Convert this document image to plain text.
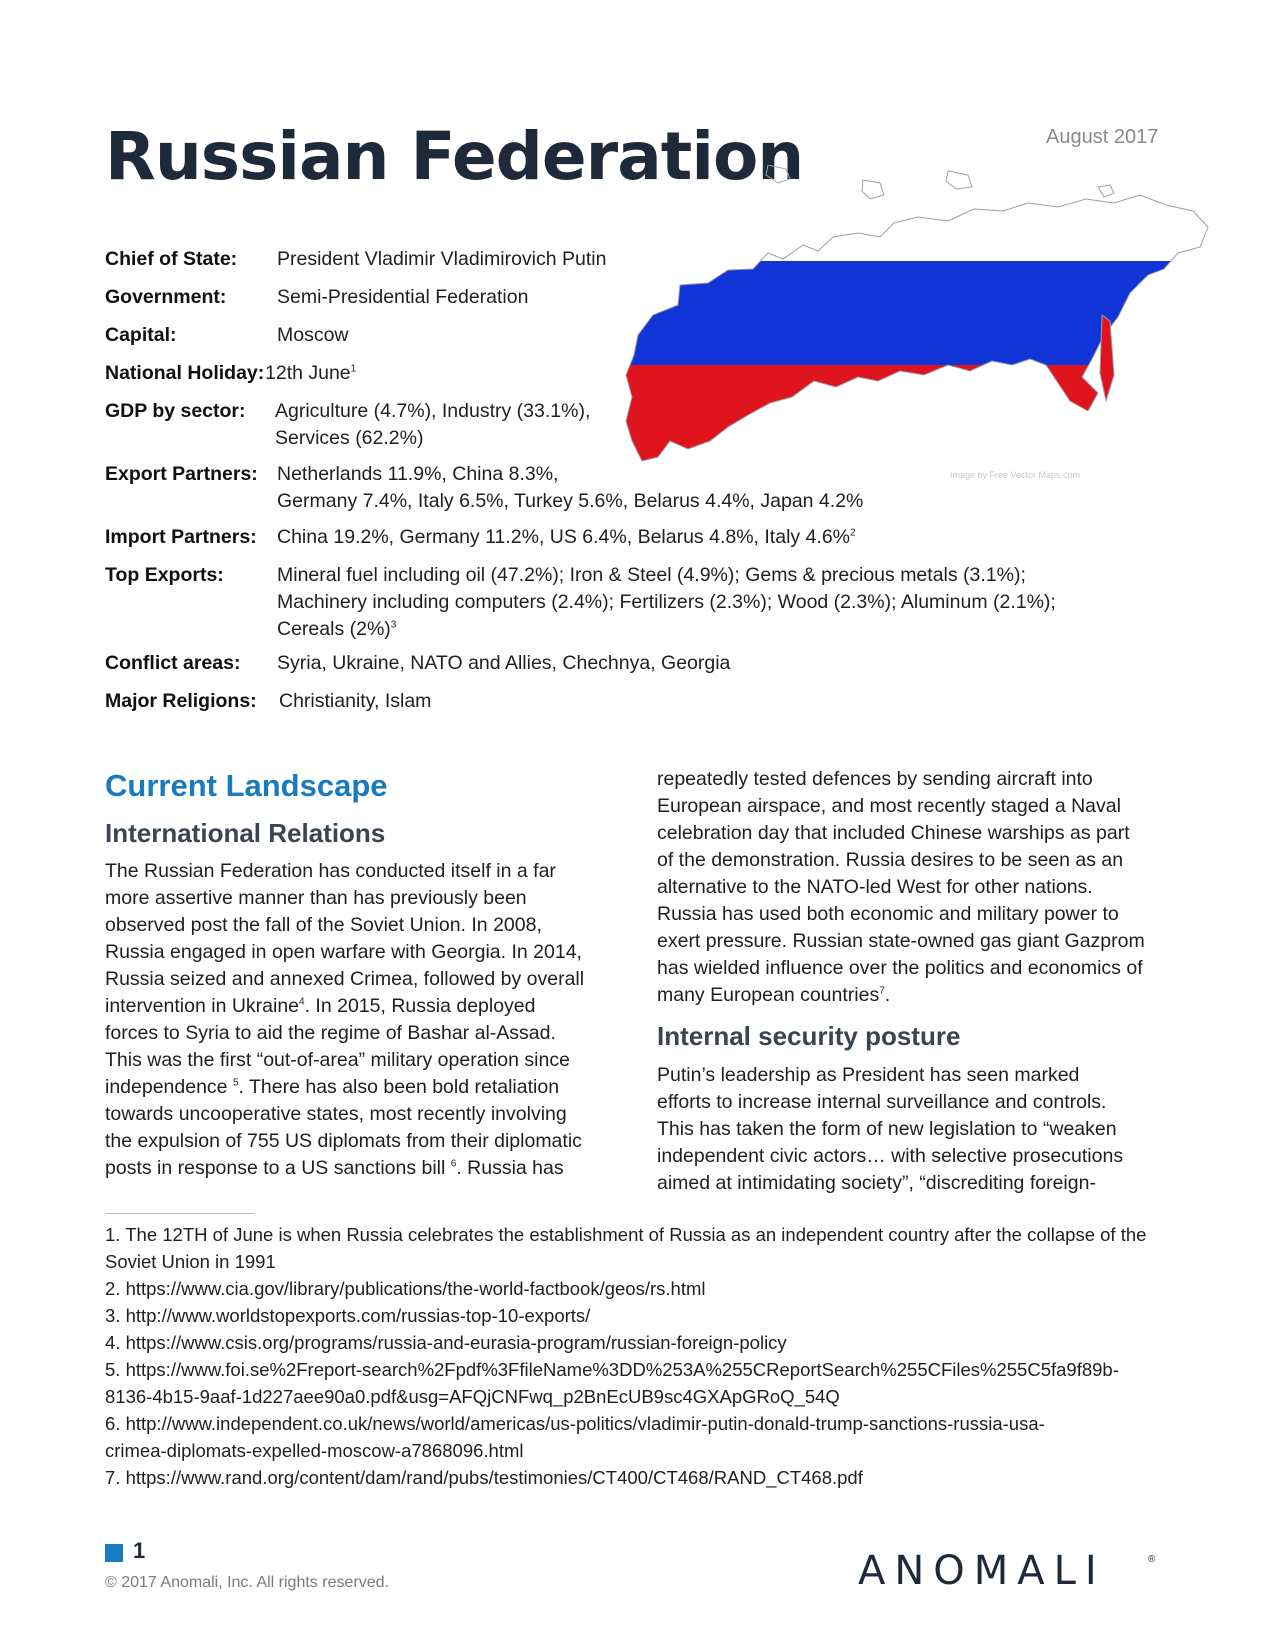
Russian Federation	August 2017
Image by Free Vector Maps.com
Chief of State: President Vladimir Vladimirovich Putin
Government:	Semi-Presidential Federation
Capital:	Moscow
National Holiday: 12th June$^1$
GDP by sector: Agriculture (4.7%), Industry (33.1%),
Services (62.2%)
Export Partners: Netherlands 11.9%, China 8.3%,
Germany 7.4%, Italy 6.5%, Turkey 5.6%, Belarus 4.4%, Japan 4.2%
Import Partners: China 19.2%, Germany 11.2%, US 6.4%, Belarus 4.8%, Italy 4.6%$^2$
Top Exports:	Mineral fuel including oil (47.2%); Iron & Steel (4.9%); Gems & precious metals (3.1%);
Machinery including computers (2.4%); Fertilizers (2.3%); Wood (2.3%); Aluminum (2.1%);
Cereals $(2\%)^3$
Conflict areas: Syria, Ukraine, NATO and Allies, Chechnya, Georgia
Major Religions: Christianity, Islam
Current Landscape
International Relations
The Russian Federation has conducted itself in a far
more assertive manner than has previously been
observed post the fall of the Soviet Union. In 2008,
Russia engaged in open warfare with Georgia. In 2014,
Russia seized and annexed Crimea, followed by overall
intervention in Ukraine$^4$. In 2015, Russia deployed
forces to Syria to aid the regime of Bashar al-Assad.
This was the first “out-of-area” military operation since
independence $^5$. There has also been bold retaliation
towards uncooperative states, most recently involving
the expulsion of 755 US diplomats from their diplomatic
posts in response to a US sanctions bill $^6$. Russia has
repeatedly tested defences by sending aircraft into
European airspace, and most recently staged a Naval
celebration day that included Chinese warships as part
of the demonstration. Russia desires to be seen as an
alternative to the NATO-led West for other nations.
Russia has used both economic and military power to
exert pressure. Russian state-owned gas giant Gazprom
has wielded influence over the politics and economics of
many European countries$^7$.
Internal security posture
Putin’s leadership as President has seen marked
efforts to increase internal surveillance and controls.
This has taken the form of new legislation to “weaken
independent civic actors… with selective prosecutions
aimed at intimidating society”, “discrediting foreign-
1. The 12TH of June is when Russia celebrates the establishment of Russia as an independent country after the collapse of the
Soviet Union in 1991
2. https://www.cia.gov/library/publications/the-world-factbook/geos/rs.html
3. http://www.worldstopexports.com/russias-top-10-exports/
4. https://www.csis.org/programs/russia-and-eurasia-program/russian-foreign-policy
5. https://www.foi.se%2Freport-search%2Fpdf%3FfileName%3DD%253A%255CReportSearch%255CFiles%255C5fa9f89b-
8136-4b15-9aaf-1d227aee90a0.pdf&usg=AFQjCNFwq_p2BnEcUB9sc4GXApGRoQ_54Q
6. http://www.independent.co.uk/news/world/americas/us-politics/vladimir-putin-donald-trump-sanctions-russia-usa-
crimea-diplomats-expelled-moscow-a7868096.html
7. https://www.rand.org/content/dam/rand/pubs/testimonies/CT400/CT468/RAND_CT468.pdf
1
© 2017 Anomali, Inc. All rights reserved.	ANOMALI	®
